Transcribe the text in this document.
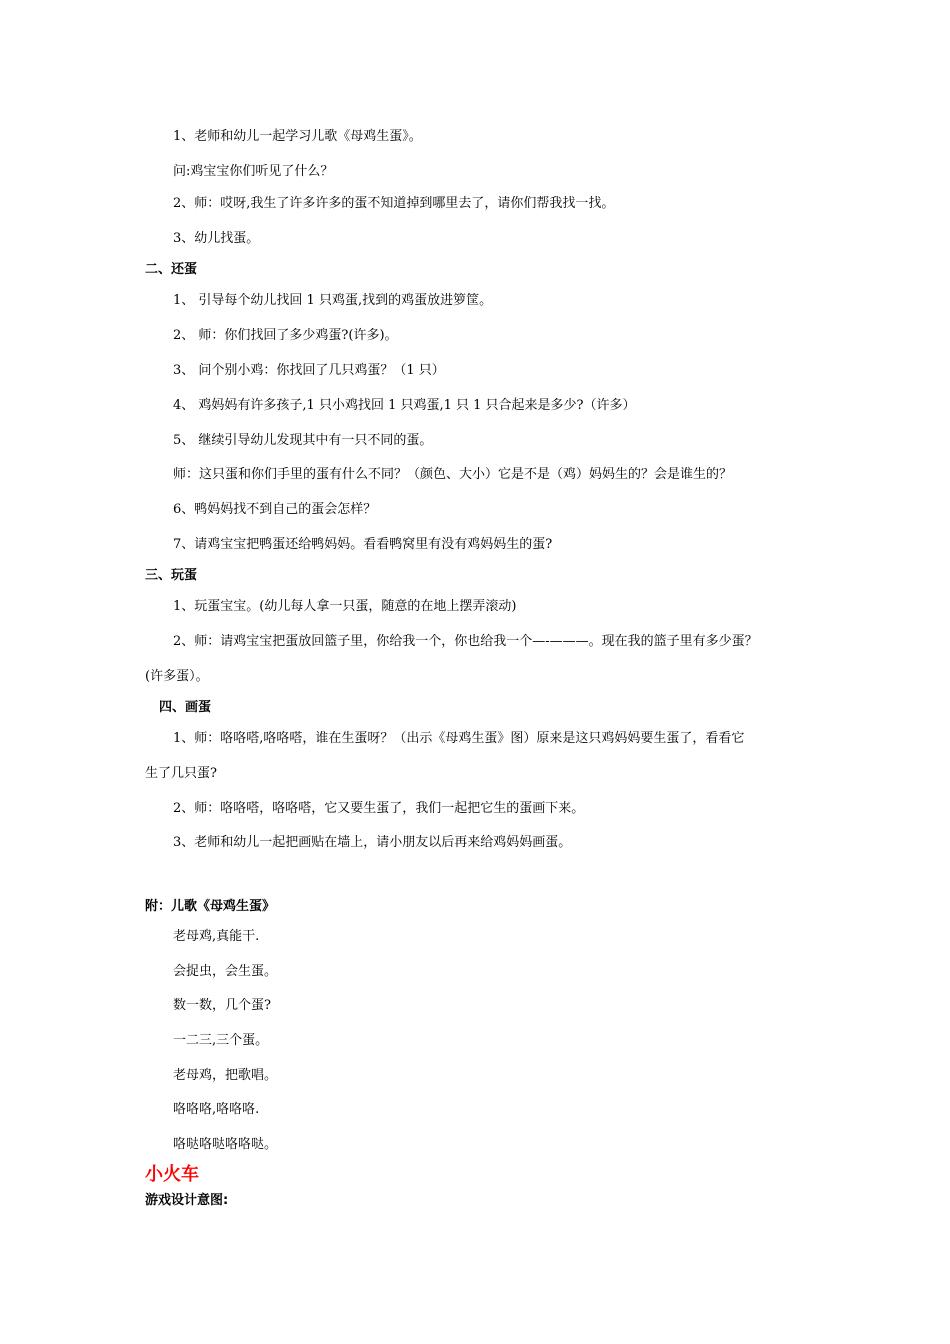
1、老师和幼儿一起学习儿歌《母鸡生蛋》。
问:鸡宝宝你们听见了什么？
2、师：哎呀,我生了许多许多的蛋不知道掉到哪里去了，请你们帮我找一找。
3、幼儿找蛋。
二、还蛋
1、 引导每个幼儿找回 1 只鸡蛋,找到的鸡蛋放进箩筐。
2、 师：你们找回了多少鸡蛋?(许多)。
3、 问个别小鸡：你找回了几只鸡蛋？（1 只）
4、 鸡妈妈有许多孩子,1 只小鸡找回 1 只鸡蛋,1 只 1 只合起来是多少?（许多）
5、 继续引导幼儿发现其中有一只不同的蛋。
师：这只蛋和你们手里的蛋有什么不同？（颜色、大小）它是不是（鸡）妈妈生的？会是谁生的？
6、鸭妈妈找不到自己的蛋会怎样？
7、请鸡宝宝把鸭蛋还给鸭妈妈。看看鸭窝里有没有鸡妈妈生的蛋?
三、玩蛋
1、玩蛋宝宝。(幼儿每人拿一只蛋，随意的在地上摆弄滚动)
2、师：请鸡宝宝把蛋放回篮子里，你给我一个，你也给我一个—-———。现在我的篮子里有多少蛋？
(许多蛋）。
四、画蛋
1、师：咯咯嗒,咯咯嗒，谁在生蛋呀？（出示《母鸡生蛋》图）原来是这只鸡妈妈要生蛋了，看看它
生了几只蛋?
2、师：咯咯嗒，咯咯嗒，它又要生蛋了，我们一起把它生的蛋画下来。
3、老师和幼儿一起把画贴在墙上，请小朋友以后再来给鸡妈妈画蛋。
附：儿歌《母鸡生蛋》
老母鸡,真能干.
会捉虫，会生蛋。
数一数，几个蛋?
一二三,三个蛋。
老母鸡，把歌唱。
咯咯咯,咯咯咯.
咯哒咯哒咯咯哒。
小火车
游戏设计意图:
